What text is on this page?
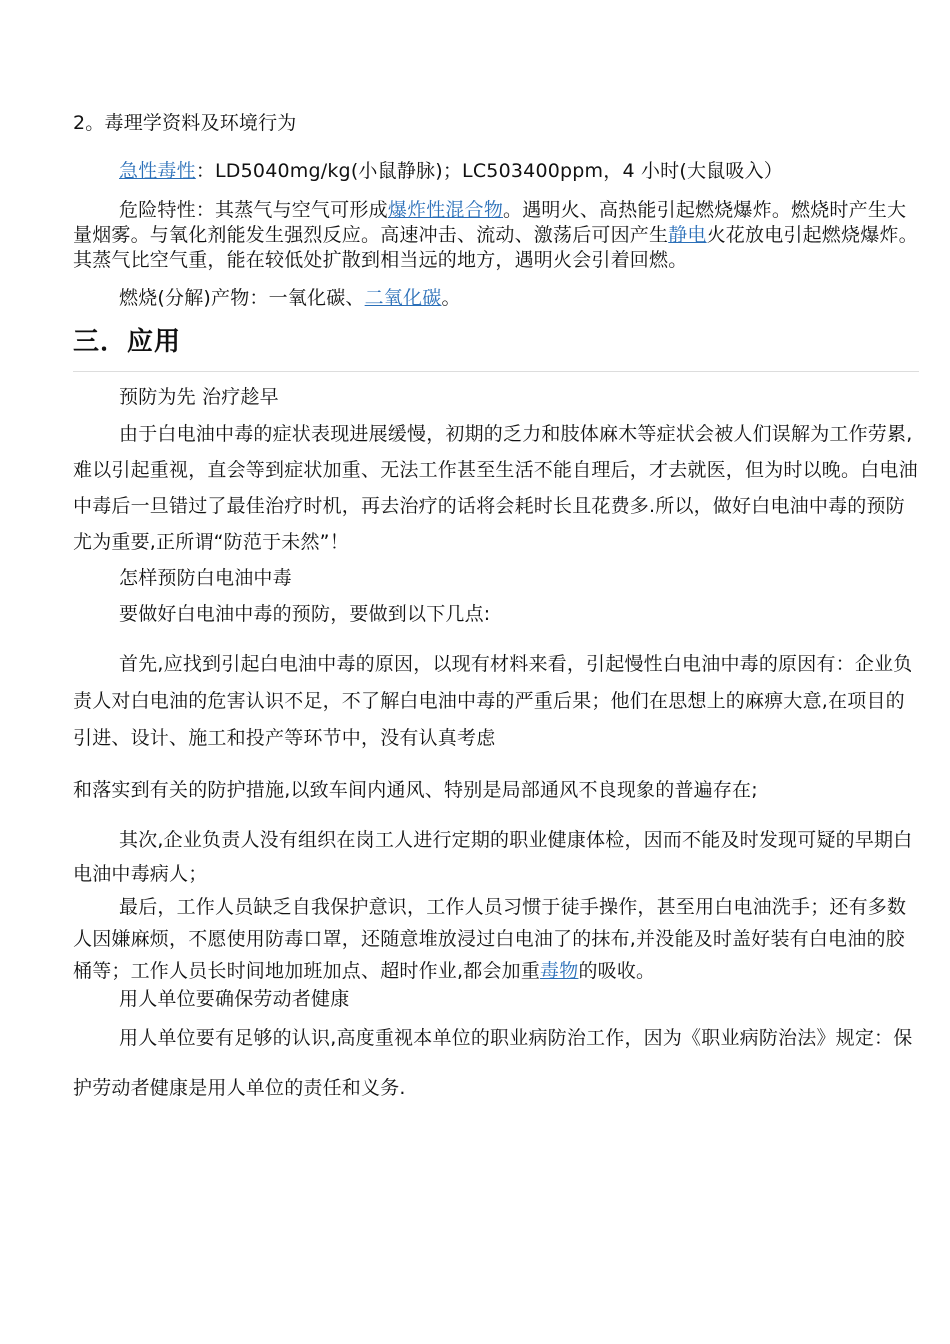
2。毒理学资料及环境行为

急性毒性：LD5040mg/kg(小鼠静脉)；LC503400ppm，4 小时(大鼠吸入）

危险特性：其蒸气与空气可形成爆炸性混合物。遇明火、高热能引起燃烧爆炸。燃烧时产生大量烟雾。与氧化剂能发生强烈反应。高速冲击、流动、激荡后可因产生静电火花放电引起燃烧爆炸。其蒸气比空气重，能在较低处扩散到相当远的地方，遇明火会引着回燃。

燃烧(分解)产物：一氧化碳、二氧化碳。

三．应用

预防为先 治疗趁早

由于白电油中毒的症状表现进展缓慢，初期的乏力和肢体麻木等症状会被人们误解为工作劳累,难以引起重视，直会等到症状加重、无法工作甚至生活不能自理后，才去就医，但为时以晚。白电油中毒后一旦错过了最佳治疗时机，再去治疗的话将会耗时长且花费多.所以，做好白电油中毒的预防尤为重要,正所谓“防范于未然”！

怎样预防白电油中毒

要做好白电油中毒的预防，要做到以下几点:

首先,应找到引起白电油中毒的原因，以现有材料来看，引起慢性白电油中毒的原因有：企业负责人对白电油的危害认识不足，不了解白电油中毒的严重后果；他们在思想上的麻痹大意,在项目的引进、设计、施工和投产等环节中，没有认真考虑

和落实到有关的防护措施,以致车间内通风、特别是局部通风不良现象的普遍存在;

其次,企业负责人没有组织在岗工人进行定期的职业健康体检，因而不能及时发现可疑的早期白电油中毒病人；

最后，工作人员缺乏自我保护意识，工作人员习惯于徒手操作，甚至用白电油洗手；还有多数人因嫌麻烦，不愿使用防毒口罩，还随意堆放浸过白电油了的抹布,并没能及时盖好装有白电油的胶桶等；工作人员长时间地加班加点、超时作业,都会加重毒物的吸收。

用人单位要确保劳动者健康

用人单位要有足够的认识,高度重视本单位的职业病防治工作，因为《职业病防治法》规定：保护劳动者健康是用人单位的责任和义务.
